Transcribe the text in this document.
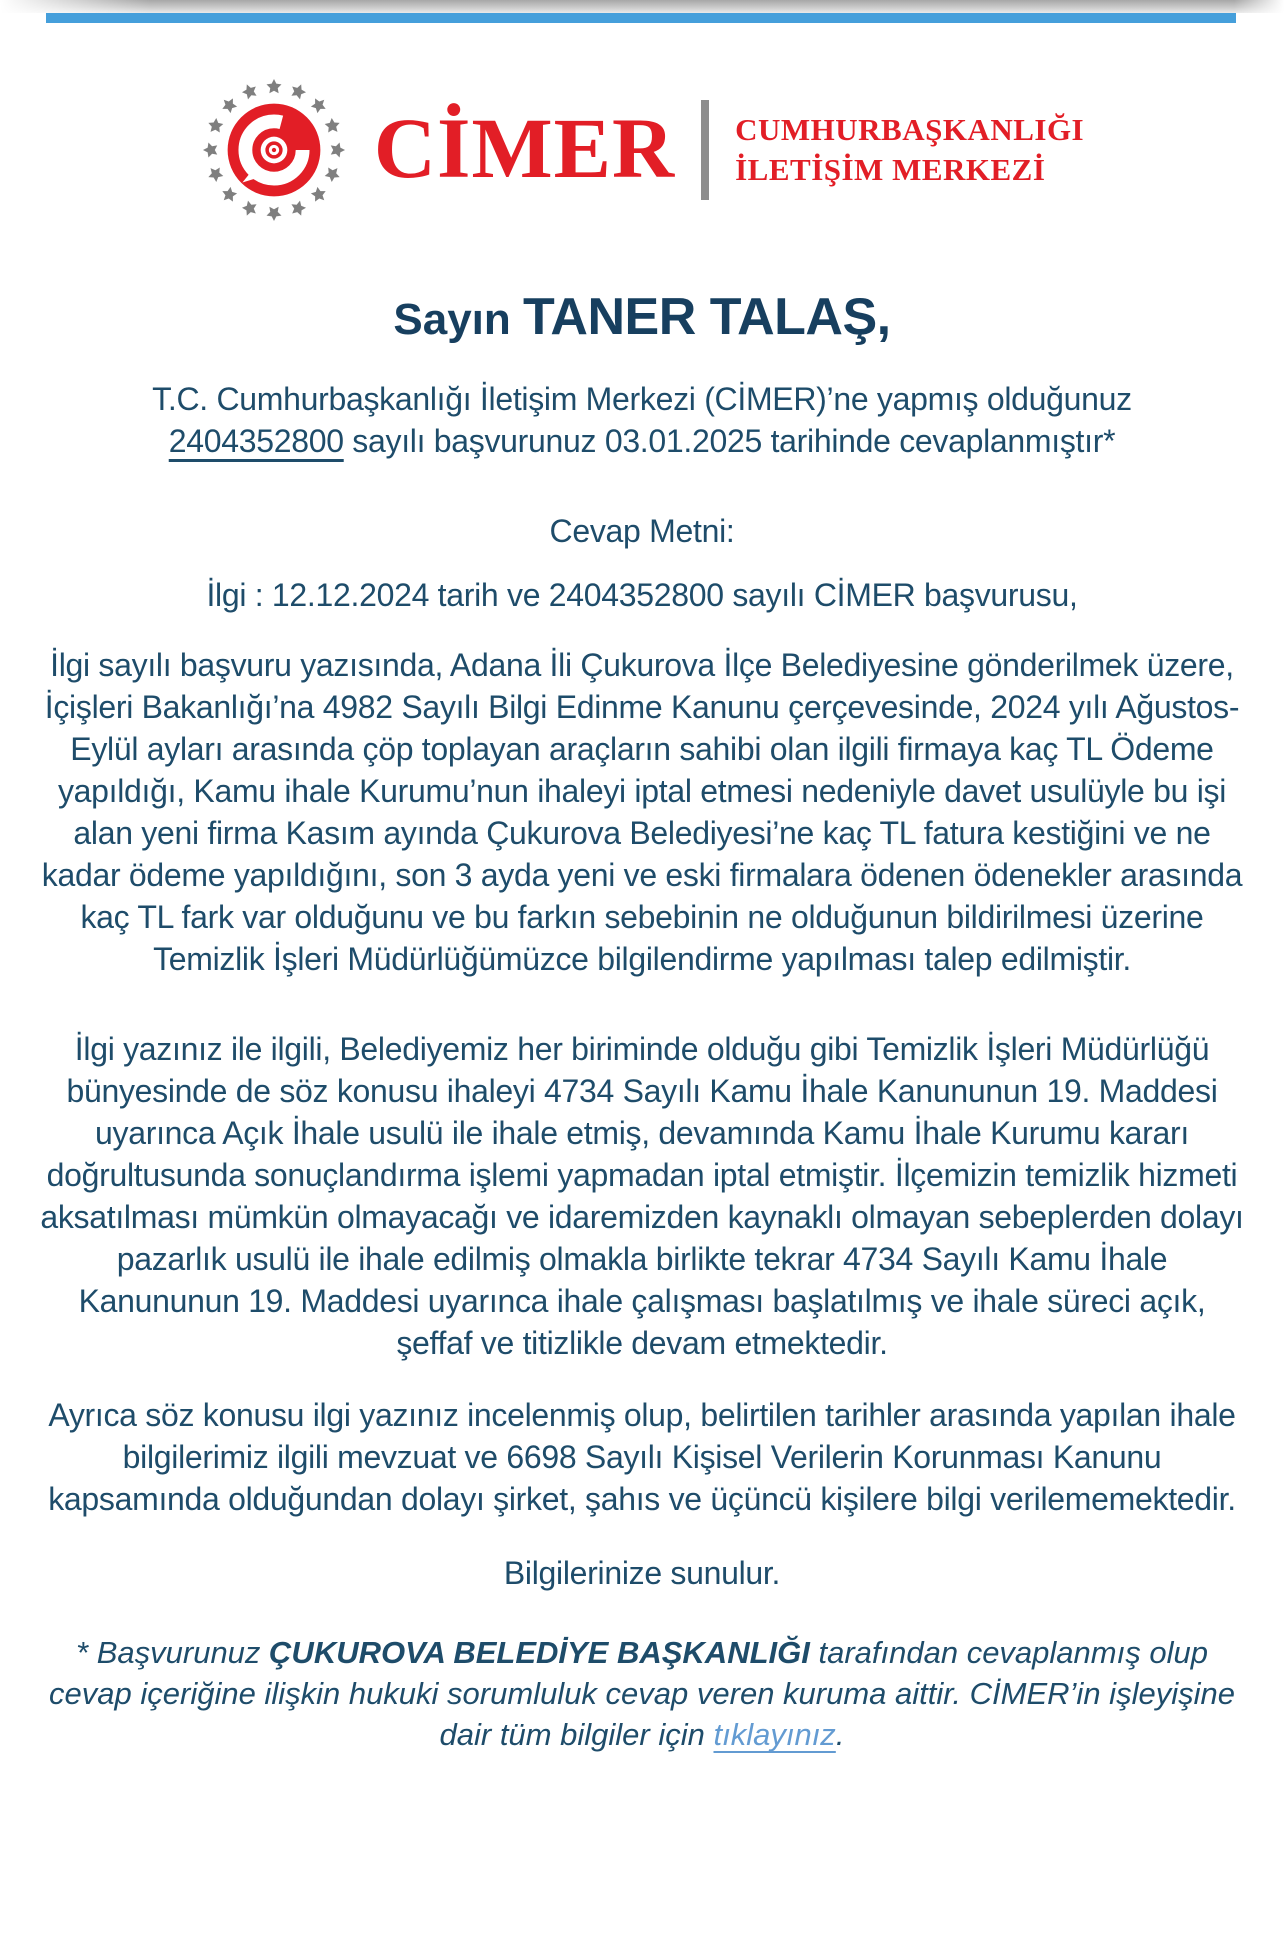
CİMER CUMHURBAŞKANLIĞI
İLETİŞİM MERKEZİ
Sayın TANER TALAŞ,

T.C. Cumhurbaşkanlığı İletişim Merkezi (CİMER)’ne yapmış olduğunuz
2404352800 sayılı başvurunuz 03.01.2025 tarihinde cevaplanmıştır*

Cevap Metni:

İlgi : 12.12.2024 tarih ve 2404352800 sayılı CİMER başvurusu,

İlgi sayılı başvuru yazısında, Adana İli Çukurova İlçe Belediyesine gönderilmek üzere, İçişleri Bakanlığı’na 4982 Sayılı Bilgi Edinme Kanunu çerçevesinde, 2024 yılı Ağustos-Eylül ayları arasında çöp toplayan araçların sahibi olan ilgili firmaya kaç TL Ödeme yapıldığı, Kamu ihale Kurumu’nun ihaleyi iptal etmesi nedeniyle davet usulüyle bu işi alan yeni firma Kasım ayında Çukurova Belediyesi’ne kaç TL fatura kestiğini ve ne kadar ödeme yapıldığını, son 3 ayda yeni ve eski firmalara ödenen ödenekler arasında kaç TL fark var olduğunu ve bu farkın sebebinin ne olduğunun bildirilmesi üzerine Temizlik İşleri Müdürlüğümüzce bilgilendirme yapılması talep edilmiştir.

İlgi yazınız ile ilgili, Belediyemiz her biriminde olduğu gibi Temizlik İşleri Müdürlüğü bünyesinde de söz konusu ihaleyi 4734 Sayılı Kamu İhale Kanununun 19. Maddesi uyarınca Açık İhale usulü ile ihale etmiş, devamında Kamu İhale Kurumu kararı doğrultusunda sonuçlandırma işlemi yapmadan iptal etmiştir. İlçemizin temizlik hizmeti aksatılması mümkün olmayacağı ve idaremizden kaynaklı olmayan sebeplerden dolayı pazarlık usulü ile ihale edilmiş olmakla birlikte tekrar 4734 Sayılı Kamu İhale Kanununun 19. Maddesi uyarınca ihale çalışması başlatılmış ve ihale süreci açık, şeffaf ve titizlikle devam etmektedir.

Ayrıca söz konusu ilgi yazınız incelenmiş olup, belirtilen tarihler arasında yapılan ihale bilgilerimiz ilgili mevzuat ve 6698 Sayılı Kişisel Verilerin Korunması Kanunu kapsamında olduğundan dolayı şirket, şahıs ve üçüncü kişilere bilgi verilememektedir.

Bilgilerinize sunulur.

* Başvurunuz ÇUKUROVA BELEDİYE BAŞKANLIĞI tarafından cevaplanmış olup cevap içeriğine ilişkin hukuki sorumluluk cevap veren kuruma aittir. CİMER’in işleyişine dair tüm bilgiler için tıklayınız.
